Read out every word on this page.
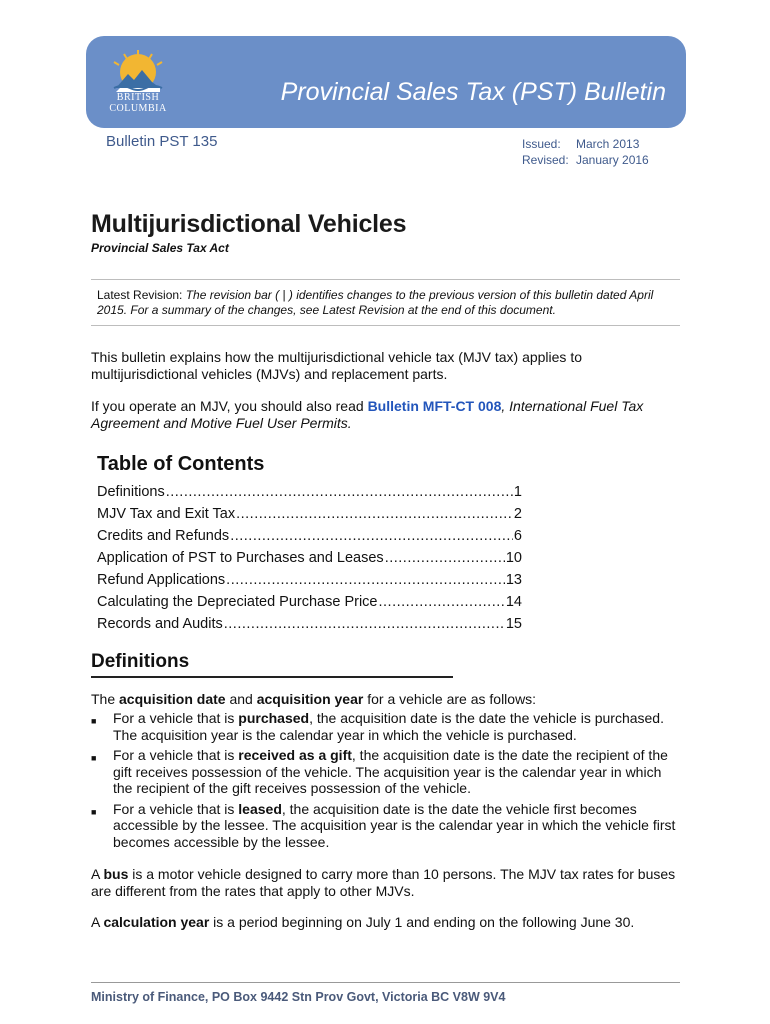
BRITISH
COLUMBIA
Provincial Sales Tax (PST) Bulletin
Bulletin PST 135	Issued:	March 2013
Revised: January 2016
Multijurisdictional Vehicles
Provincial Sales Tax Act
Latest Revision: The revision bar ( | ) identifies changes to the previous version of this bulletin dated April 2015. For a summary of the changes, see Latest Revision at the end of this document.
This bulletin explains how the multijurisdictional vehicle tax (MJV tax) applies to multijurisdictional vehicles (MJVs) and replacement parts.
If you operate an MJV, you should also read Bulletin MFT-CT 008, International Fuel Tax Agreement and Motive Fuel User Permits.
Table of Contents
Definitions .....	1
MJV Tax and Exit Tax .....	2
Credits and Refunds .....	6
Application of PST to Purchases and Leases .....	10
Refund Applications .....	13
Calculating the Depreciated Purchase Price .....	14
Records and Audits .....	15
Definitions
The acquisition date and acquisition year for a vehicle are as follows:
■	For a vehicle that is purchased, the acquisition date is the date the vehicle is purchased. The acquisition year is the calendar year in which the vehicle is purchased.
■	For a vehicle that is received as a gift, the acquisition date is the date the recipient of the gift receives possession of the vehicle. The acquisition year is the calendar year in which the recipient of the gift receives possession of the vehicle.
■	For a vehicle that is leased, the acquisition date is the date the vehicle first becomes accessible by the lessee. The acquisition year is the calendar year in which the vehicle first becomes accessible by the lessee.
A bus is a motor vehicle designed to carry more than 10 persons. The MJV tax rates for buses are different from the rates that apply to other MJVs.
A calculation year is a period beginning on July 1 and ending on the following June 30.
Ministry of Finance, PO Box 9442 Stn Prov Govt, Victoria BC V8W 9V4
